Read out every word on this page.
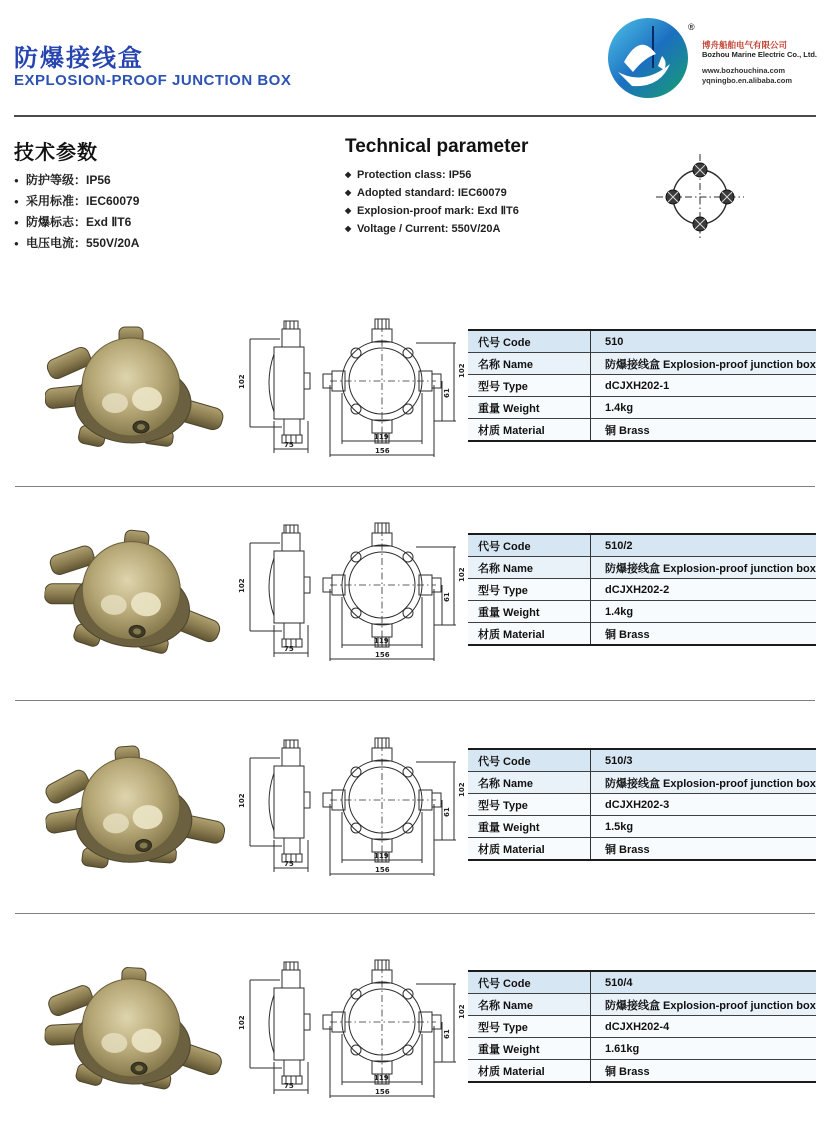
防爆接线盒
EXPLOSION-PROOF JUNCTION BOX
®
博舟船舶电气有限公司
Bozhou Marine Electric Co., Ltd.
www.bozhouchina.com
yqningbo.en.alibaba.com
技术参数
● 防护等级：IP56
● 采用标准：IEC60079
● 防爆标志：Exd ⅡT6
● 电压电流：550V/20A
Technical parameter
◆ Protection class: IP56
◆ Adopted standard: IEC60079
◆ Explosion-proof mark: Exd ⅡT6
◆ Voltage / Current: 550V/20A
102
75
119
156
102
61
代号 Code	510
名称 Name	防爆接线盒 Explosion-proof junction box
型号 Type	dCJXH202-1
重量 Weight	1.4kg
材质 Material	铜 Brass
102
75
119
156
102
61
代号 Code	510/2
名称 Name	防爆接线盒 Explosion-proof junction box
型号 Type	dCJXH202-2
重量 Weight	1.4kg
材质 Material	铜 Brass
102
75
119
156
102
61
代号 Code	510/3
名称 Name	防爆接线盒 Explosion-proof junction box
型号 Type	dCJXH202-3
重量 Weight	1.5kg
材质 Material	铜 Brass
102
75
119
156
102
61
代号 Code	510/4
名称 Name	防爆接线盒 Explosion-proof junction box
型号 Type	dCJXH202-4
重量 Weight	1.61kg
材质 Material	铜 Brass
